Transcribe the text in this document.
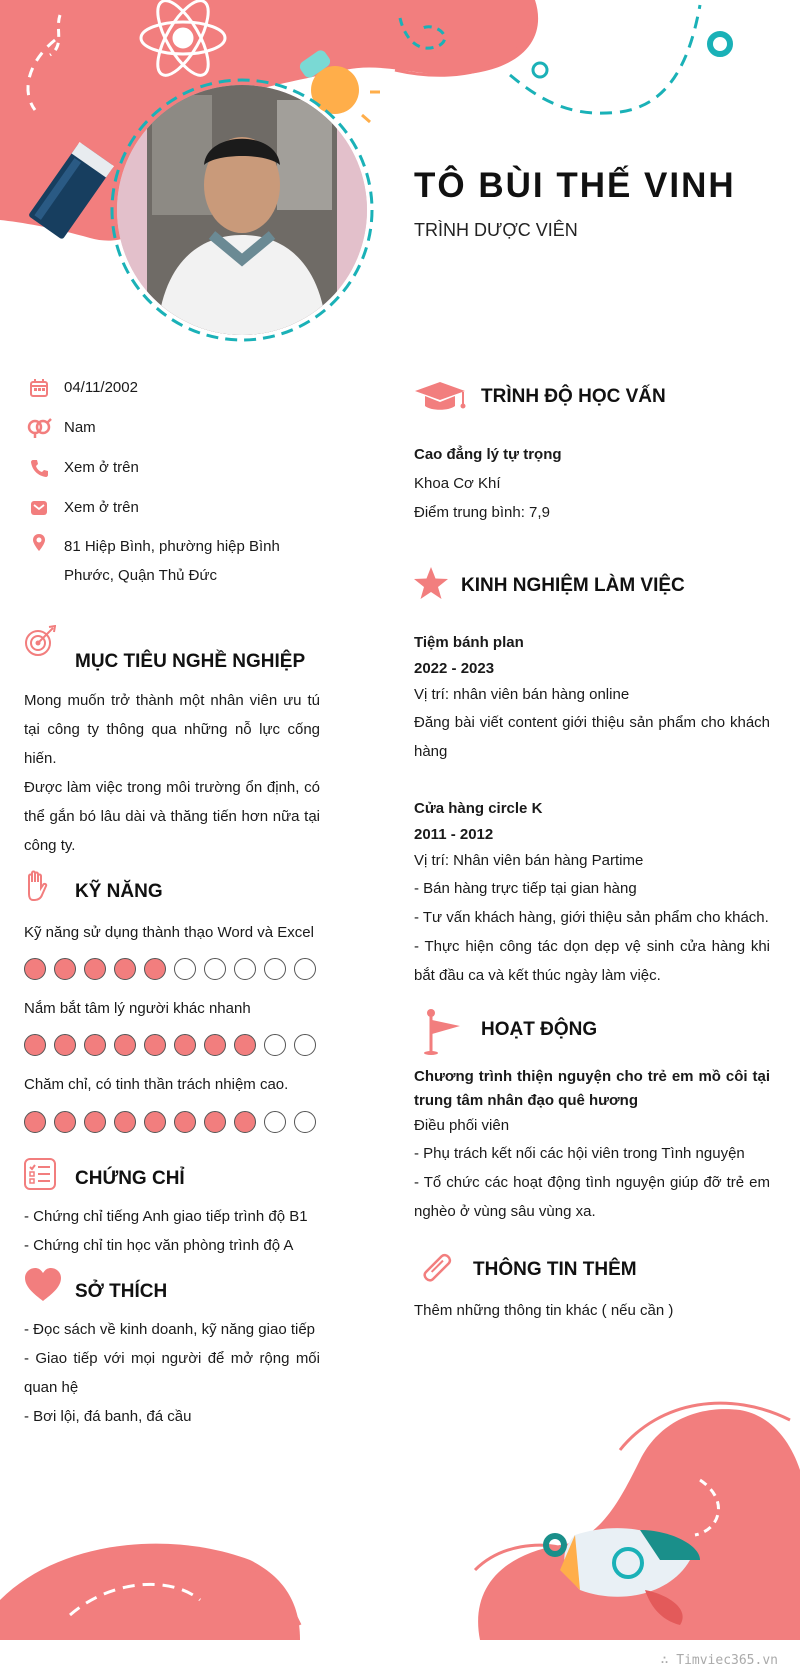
TÔ BÙI THẾ VINH
TRÌNH DƯỢC VIÊN
04/11/2002
Nam
Xem ở trên
Xem ở trên
81 Hiệp Bình, phường hiệp Bình
Phước, Quận Thủ Đức
MỤC TIÊU NGHỀ NGHIỆP
Mong muốn trở thành một nhân viên ưu tú tại công ty thông qua những nỗ lực cống hiến.
Được làm việc trong môi trường ổn định, có thể gắn bó lâu dài và thăng tiến hơn nữa tại công ty.
KỸ NĂNG
Kỹ năng sử dụng thành thạo Word và Excel
Nắm bắt tâm lý người khác nhanh
Chăm chỉ, có tinh thần trách nhiệm cao.
CHỨNG CHỈ
- Chứng chỉ tiếng Anh giao tiếp trình độ B1
- Chứng chỉ tin học văn phòng trình độ A
SỞ THÍCH
- Đọc sách về kinh doanh, kỹ năng giao tiếp
- Giao tiếp với mọi người để mở rộng mối quan hệ
- Bơi lội, đá banh, đá cầu
TRÌNH ĐỘ HỌC VẤN
Cao đẳng lý tự trọng
Khoa Cơ Khí
Điểm trung bình: 7,9
KINH NGHIỆM LÀM VIỆC
Tiệm bánh plan
2022 - 2023
Vị trí: nhân viên bán hàng online
Đăng bài viết content giới thiệu sản phẩm cho khách hàng
Cửa hàng circle K
2011 - 2012
Vị trí: Nhân viên bán hàng Partime
- Bán hàng trực tiếp tại gian hàng
- Tư vấn khách hàng, giới thiệu sản phẩm cho khách.
- Thực hiện công tác dọn dẹp vệ sinh cửa hàng khi bắt đầu ca và kết thúc ngày làm việc.
HOẠT ĐỘNG
Chương trình thiện nguyện cho trẻ em mồ côi tại trung tâm nhân đạo quê hương
Điều phối viên
- Phụ trách kết nối các hội viên trong Tình nguyện
- Tổ chức các hoạt động tình nguyện giúp đỡ trẻ em nghèo ở vùng sâu vùng xa.
THÔNG TIN THÊM
Thêm những thông tin khác ( nếu cần )
∴ Timviec365.vn
